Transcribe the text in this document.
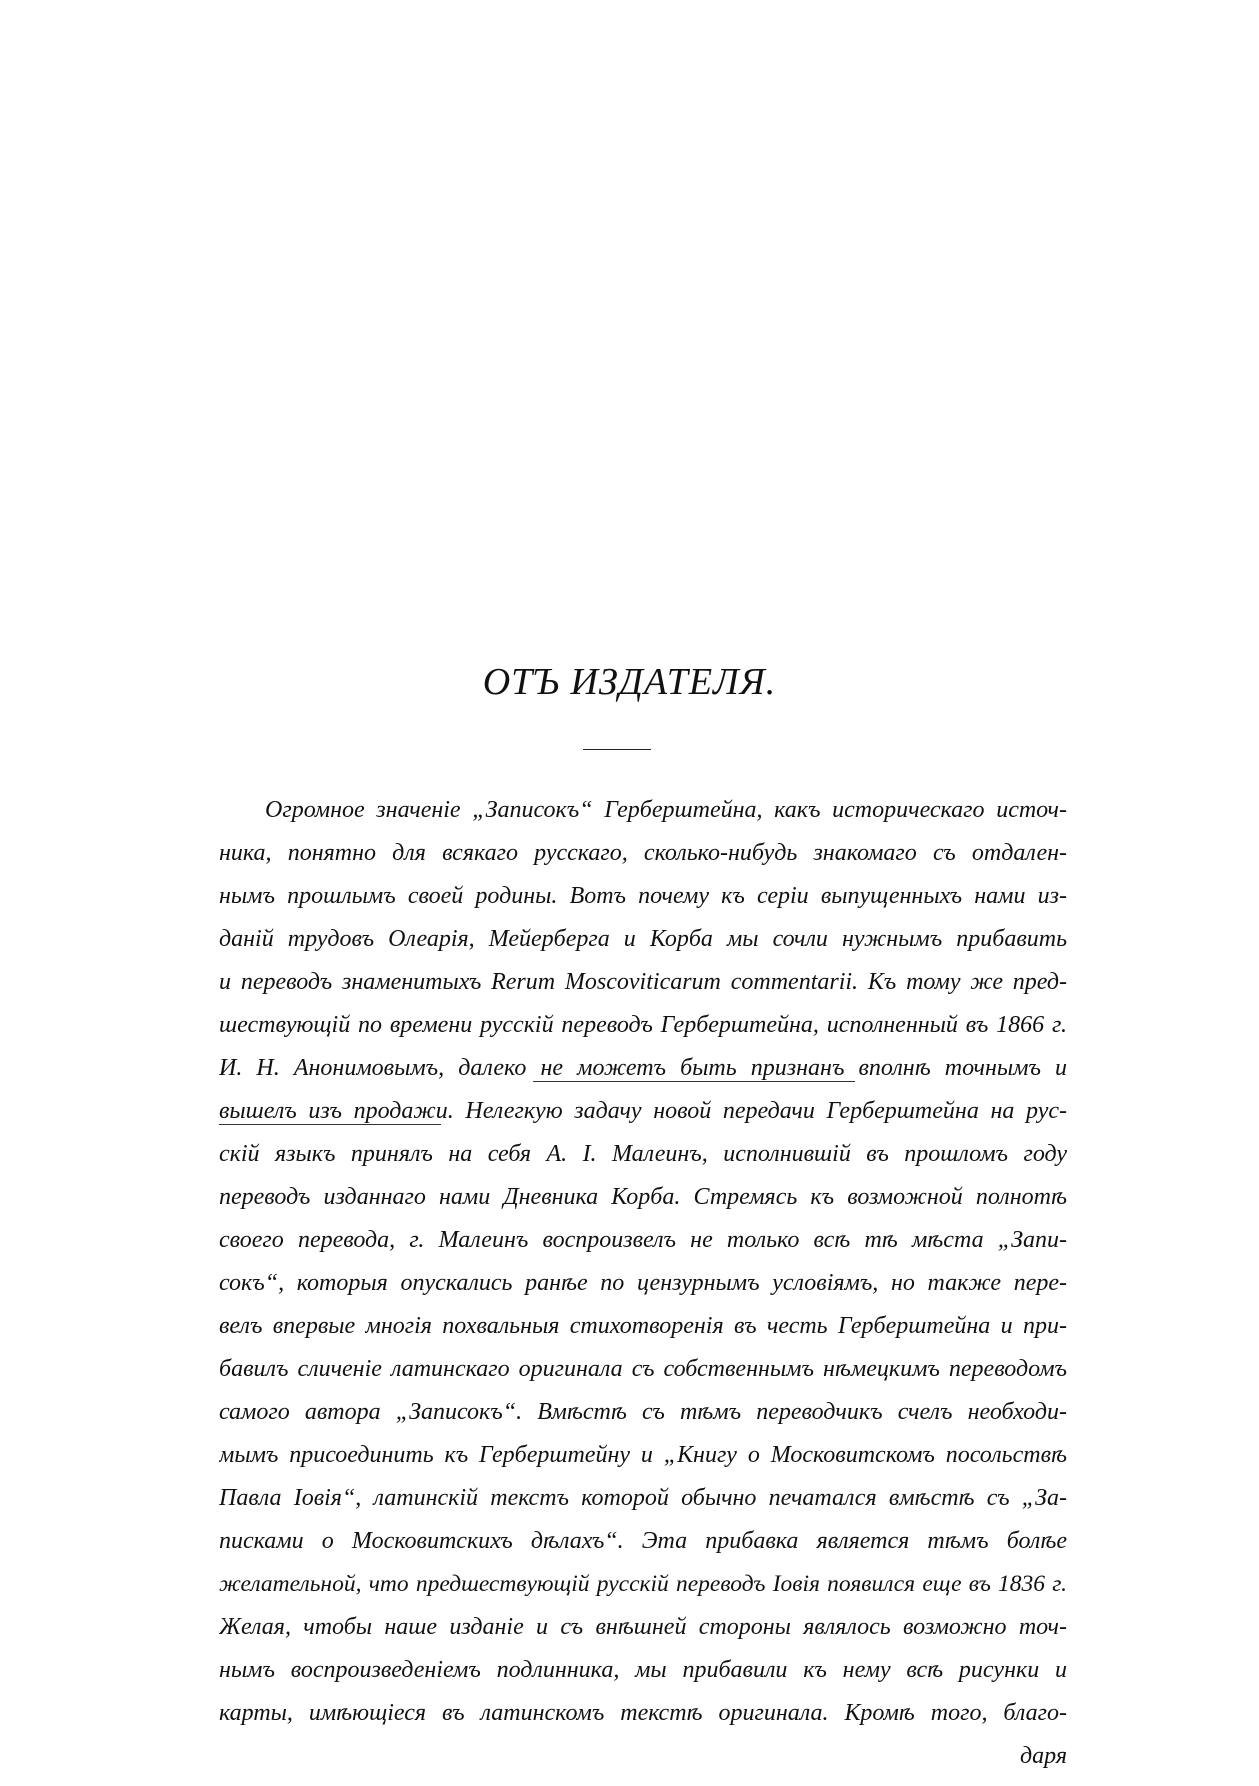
ОТЪ ИЗДАТЕЛЯ.
Огромное значенiе „Записокъ“ Герберштейна, какъ историческаго источ-
ника, понятно для всякаго русскаго, сколько-нибудь знакомаго съ отдален-
нымъ прошлымъ своей родины. Вотъ почему къ серiи выпущенныхъ нами из-
данiй трудовъ Олеарiя, Мейерберга и Корба мы сочли нужнымъ прибавить
и переводъ знаменитыхъ Rerum Moscoviticarum commentarii. Къ тому же пред-
шествующiй по времени русскiй переводъ Герберштейна, исполненный въ 1866 г.
И. Н. Анонимовымъ, далеко не можетъ быть признанъ вполнѣ точнымъ и
вышелъ изъ продажи. Нелегкую задачу новой передачи Герберштейна на рус-
скiй языкъ принялъ на себя А. I. Малеинъ, исполнившiй въ прошломъ году
переводъ изданнаго нами Дневника Корба. Стремясь къ возможной полнотѣ
своего перевода, г. Малеинъ воспроизвелъ не только всѣ тѣ мѣста „Запи-
сокъ“, которыя опускались ранѣе по цензурнымъ условiямъ, но также пере-
велъ впервые многiя похвальныя стихотворенiя въ честь Герберштейна и при-
бавилъ сличенiе латинскаго оригинала съ собственнымъ нѣмецкимъ переводомъ
самого автора „Записокъ“. Вмѣстѣ съ тѣмъ переводчикъ счелъ необходи-
мымъ присоединить къ Герберштейну и „Книгу о Московитскомъ посольствѣ
Павла Iовiя“, латинскiй текстъ которой обычно печатался вмѣстѣ съ „За-
писками о Московитскихъ дѣлахъ“. Эта прибавка является тѣмъ болѣе
желательной, что предшествующiй русскiй переводъ Iовiя появился еще въ 1836 г.
Желая, чтобы наше изданiе и съ внѣшней стороны являлось возможно точ-
нымъ воспроизведенiемъ подлинника, мы прибавили къ нему всѣ рисунки и
карты, имѣющiеся въ латинскомъ текстѣ оригинала. Кромѣ того, благо-
даря
